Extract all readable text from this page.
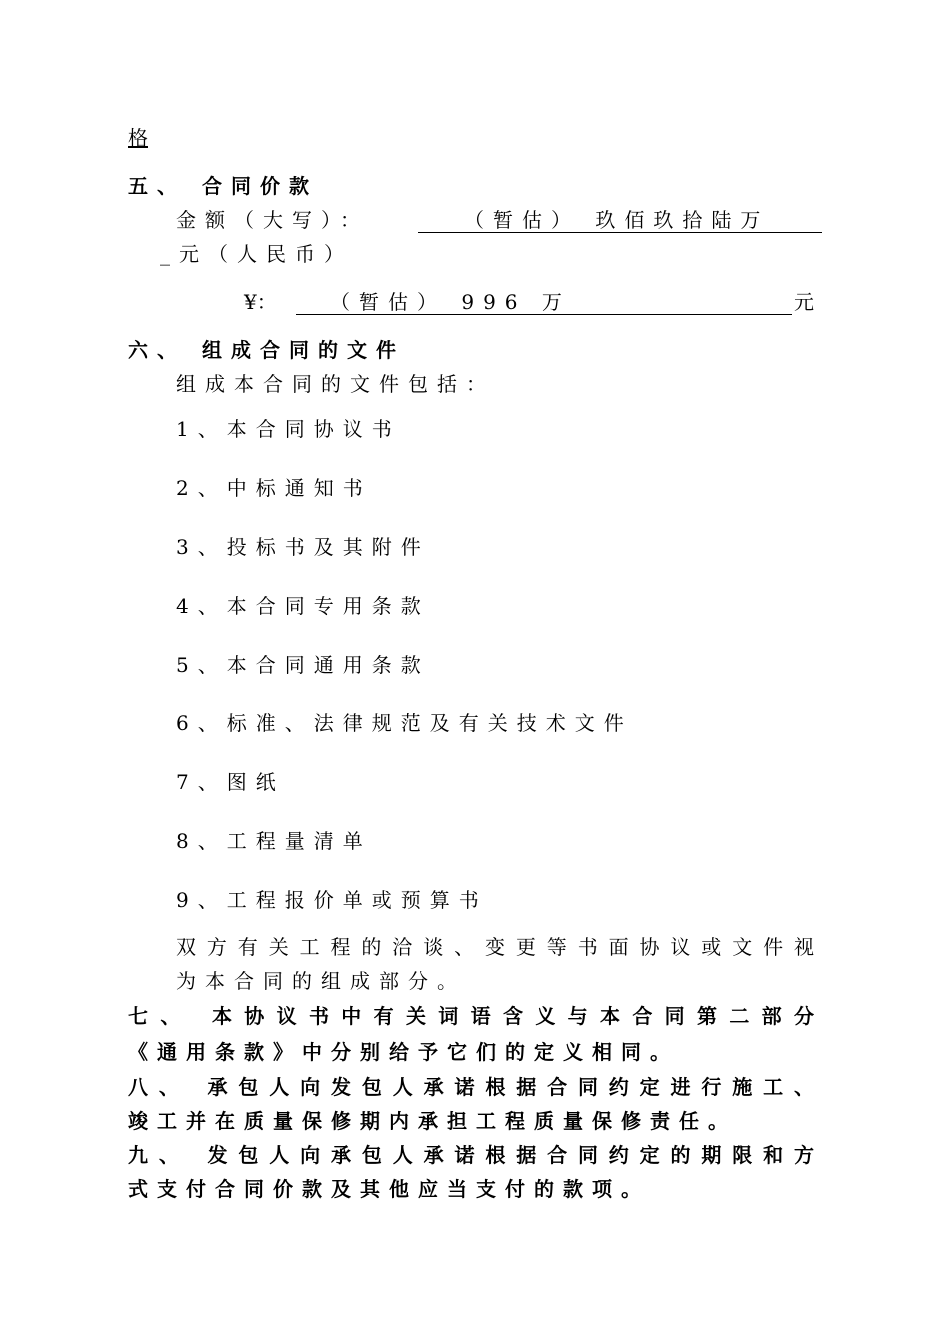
格
五、 合同价款
金额（大写）：	（暂估） 玖佰玖拾陆万
_元（人民币）
¥：	（暂估） 996 万	元
六、 组成合同的文件
组成本合同的文件包括：
1、本合同协议书
2、中标通知书
3、投标书及其附件
4、本合同专用条款
5、本合同通用条款
6、标准、法律规范及有关技术文件
7、图纸
8、工程量清单
9、工程报价单或预算书
双方有关工程的洽谈、变更等书面协议或文件视
为本合同的组成部分。
七、 本协议书中有关词语含义与本合同第二部分
《通用条款》中分别给予它们的定义相同。
八、 承包人向发包人承诺根据合同约定进行施工、
竣工并在质量保修期内承担工程质量保修责任。
九、 发包人向承包人承诺根据合同约定的期限和方
式支付合同价款及其他应当支付的款项。
